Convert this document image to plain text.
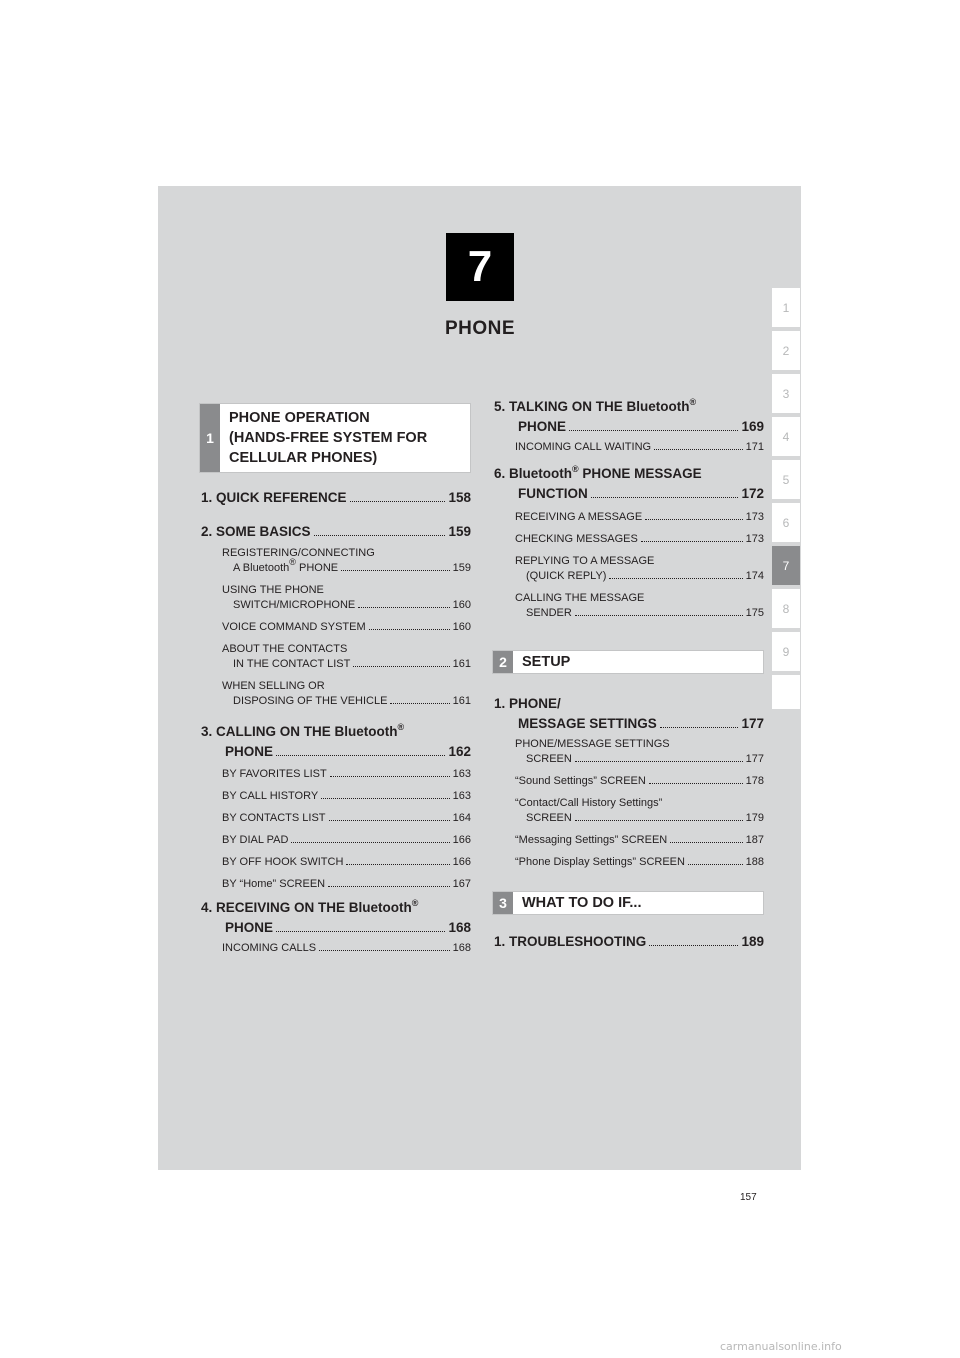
7
PHONE
1
2
3
4
5
6
7
8
9
1
PHONE OPERATION
(HANDS-FREE SYSTEM FOR
CELLULAR PHONES)
1. QUICK REFERENCE	158
2. SOME BASICS	159
REGISTERING/CONNECTING
A Bluetooth® PHONE	159
USING THE PHONE
SWITCH/MICROPHONE	160
VOICE COMMAND SYSTEM	160
ABOUT THE CONTACTS
IN THE CONTACT LIST	161
WHEN SELLING OR
DISPOSING OF THE VEHICLE	161
3. CALLING ON THE Bluetooth®
PHONE	162
BY FAVORITES LIST	163
BY CALL HISTORY	163
BY CONTACTS LIST	164
BY DIAL PAD	166
BY OFF HOOK SWITCH	166
BY “Home” SCREEN	167
4. RECEIVING ON THE Bluetooth®
PHONE	168
INCOMING CALLS	168
5. TALKING ON THE Bluetooth®
PHONE	169
INCOMING CALL WAITING	171
6. Bluetooth® PHONE MESSAGE
FUNCTION	172
RECEIVING A MESSAGE	173
CHECKING MESSAGES	173
REPLYING TO A MESSAGE
(QUICK REPLY)	174
CALLING THE MESSAGE
SENDER	175
2	SETUP
1. PHONE/
MESSAGE SETTINGS	177
PHONE/MESSAGE SETTINGS
SCREEN	177
“Sound Settings” SCREEN	178
“Contact/Call History Settings”
SCREEN	179
“Messaging Settings” SCREEN	187
“Phone Display Settings” SCREEN	188
3	WHAT TO DO IF...
1. TROUBLESHOOTING	189
157
carmanualsonline.info
